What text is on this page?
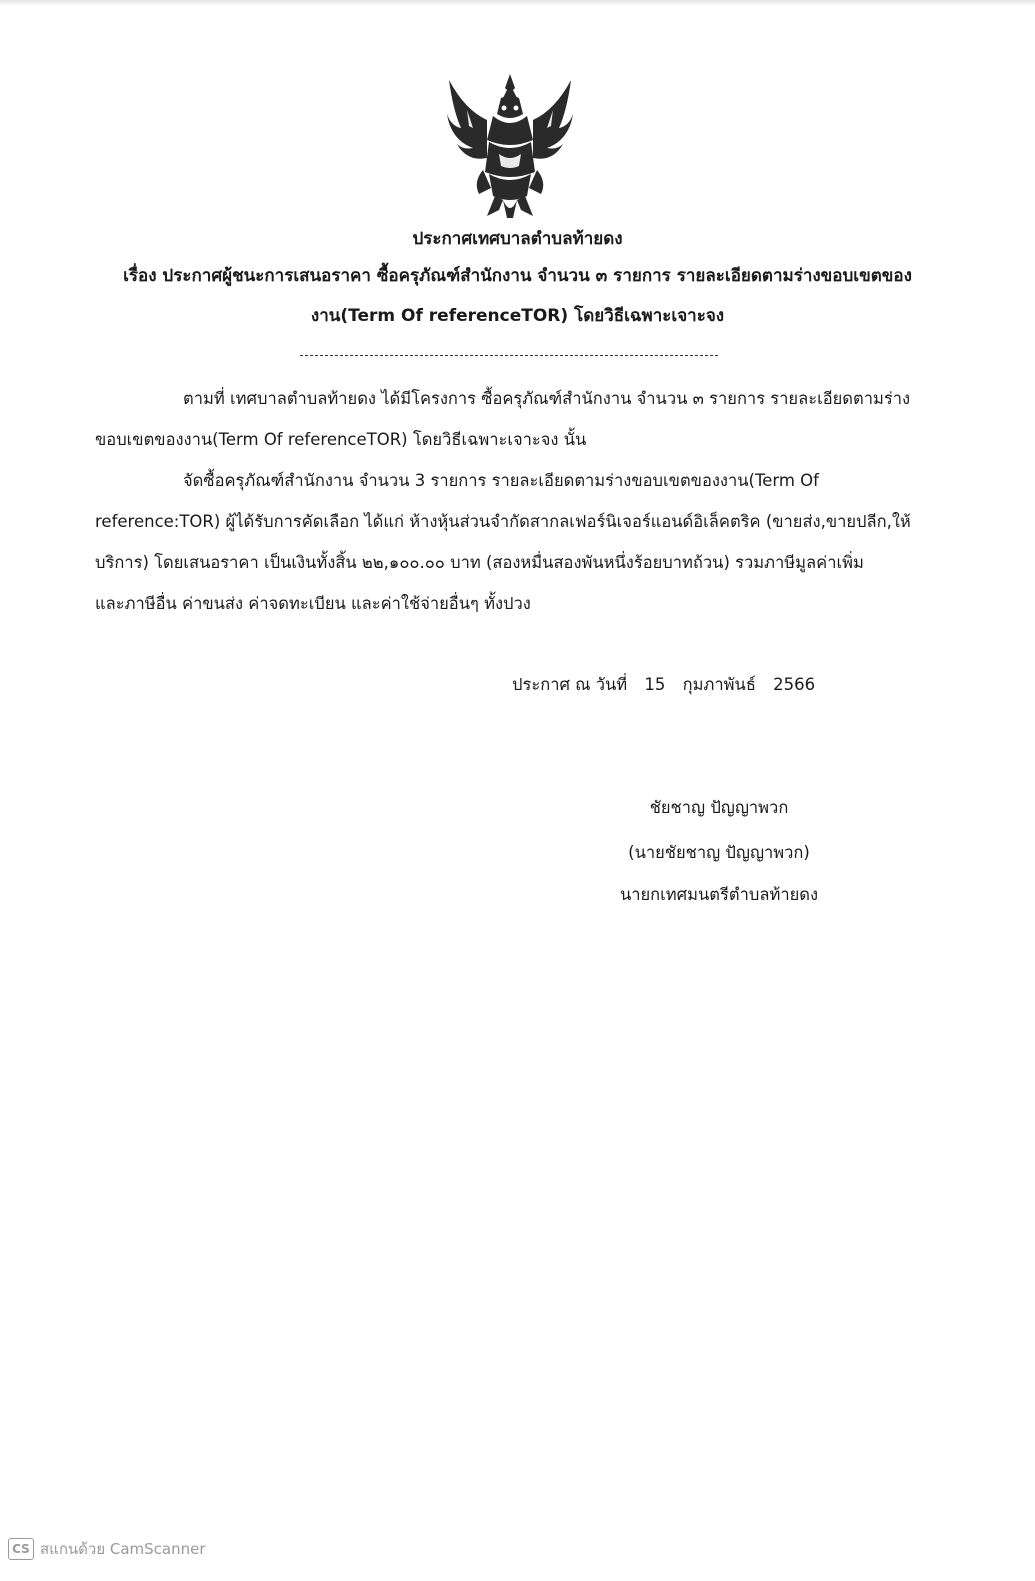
ประกาศเทศบาลตำบลท้ายดง
เรื่อง ประกาศผู้ชนะการเสนอราคา ซื้อครุภัณฑ์สำนักงาน จำนวน ๓ รายการ รายละเอียดตามร่างขอบเขตของ
งาน(Term Of referenceTOR) โดยวิธีเฉพาะเจาะจง
ตามที่ เทศบาลตำบลท้ายดง ได้มีโครงการ ซื้อครุภัณฑ์สำนักงาน จำนวน ๓ รายการ รายละเอียดตามร่าง
ขอบเขตของงาน(Term Of referenceTOR) โดยวิธีเฉพาะเจาะจง นั้น
จัดซื้อครุภัณฑ์สำนักงาน จำนวน 3 รายการ รายละเอียดตามร่างขอบเขตของงาน(Term Of
reference:TOR) ผู้ได้รับการคัดเลือก ได้แก่ ห้างหุ้นส่วนจำกัดสากลเฟอร์นิเจอร์แอนด์อิเล็คตริค (ขายส่ง,ขายปลีก,ให้
บริการ) โดยเสนอราคา เป็นเงินทั้งสิ้น ๒๒,๑๐๐.๐๐ บาท (สองหมื่นสองพันหนึ่งร้อยบาทถ้วน) รวมภาษีมูลค่าเพิ่ม
และภาษีอื่น ค่าขนส่ง ค่าจดทะเบียน และค่าใช้จ่ายอื่นๆ ทั้งปวง
ประกาศ ณ วันที่ 15 กุมภาพันธ์ 2566
ชัยชาญ ปัญญาพวก
(นายชัยชาญ ปัญญาพวก)
นายกเทศมนตรีตำบลท้ายดง
CS สแกนด้วย CamScanner
